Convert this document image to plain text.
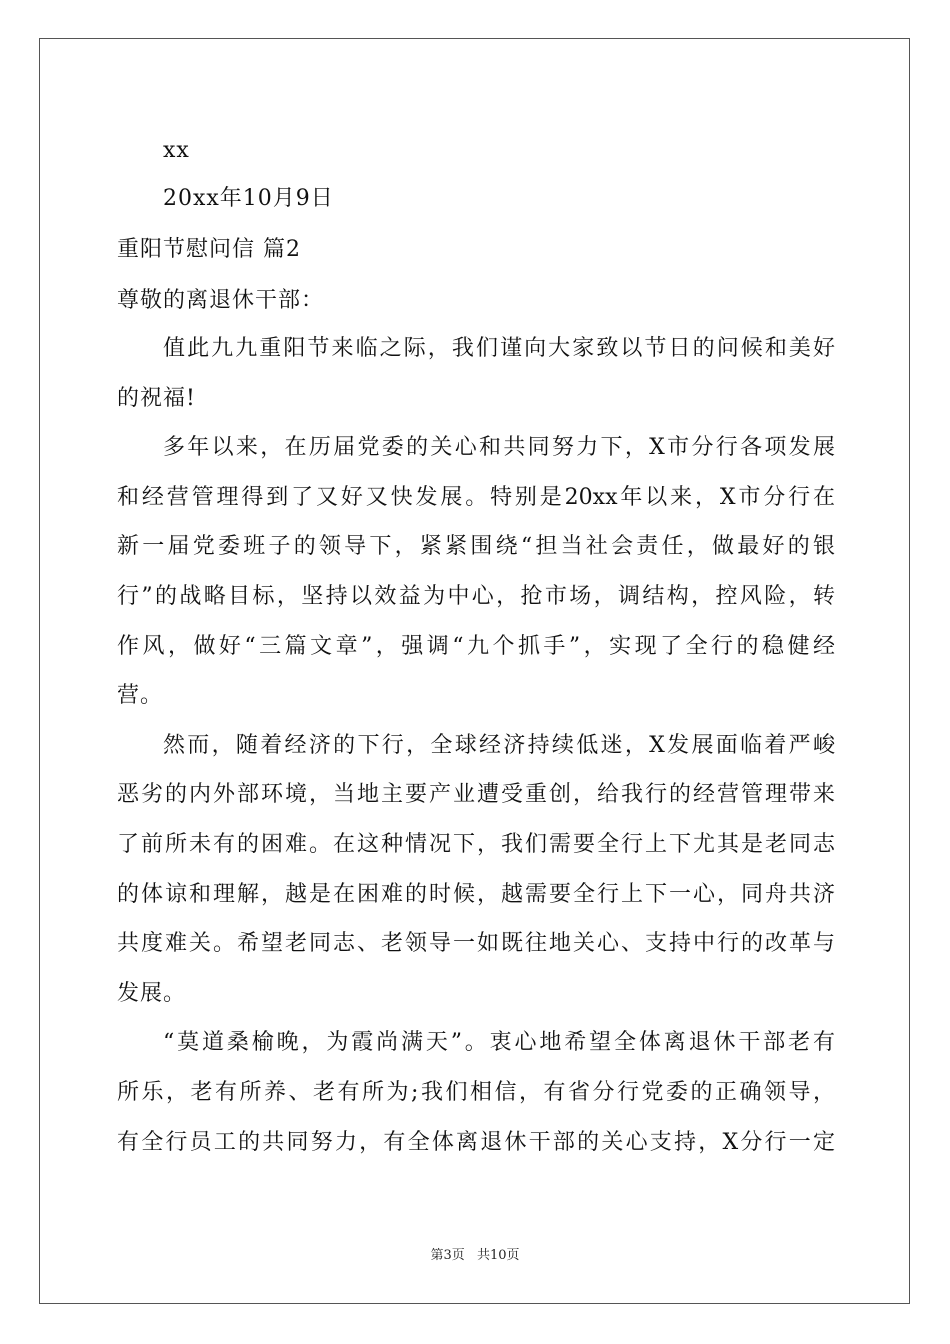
xx
20xx年10月9日
重阳节慰问信 篇2
尊敬的离退休干部：
值此九九重阳节来临之际，我们谨向大家致以节日的问候和美好
的祝福!
多年以来，在历届党委的关心和共同努力下，X市分行各项发展
和经营管理得到了又好又快发展。特别是20xx年以来，X市分行在
新一届党委班子的领导下，紧紧围绕“担当社会责任，做最好的银
行”的战略目标，坚持以效益为中心，抢市场，调结构，控风险，转
作风，做好“三篇文章”，强调“九个抓手”，实现了全行的稳健经
营。
然而，随着经济的下行，全球经济持续低迷，X发展面临着严峻
恶劣的内外部环境，当地主要产业遭受重创，给我行的经营管理带来
了前所未有的困难。在这种情况下，我们需要全行上下尤其是老同志
的体谅和理解，越是在困难的时候，越需要全行上下一心，同舟共济
共度难关。希望老同志、老领导一如既往地关心、支持中行的改革与
发展。
“莫道桑榆晚，为霞尚满天”。衷心地希望全体离退休干部老有
所乐，老有所养、老有所为;我们相信，有省分行党委的正确领导，
有全行员工的共同努力，有全体离退休干部的关心支持，X分行一定
第3页 共10页
